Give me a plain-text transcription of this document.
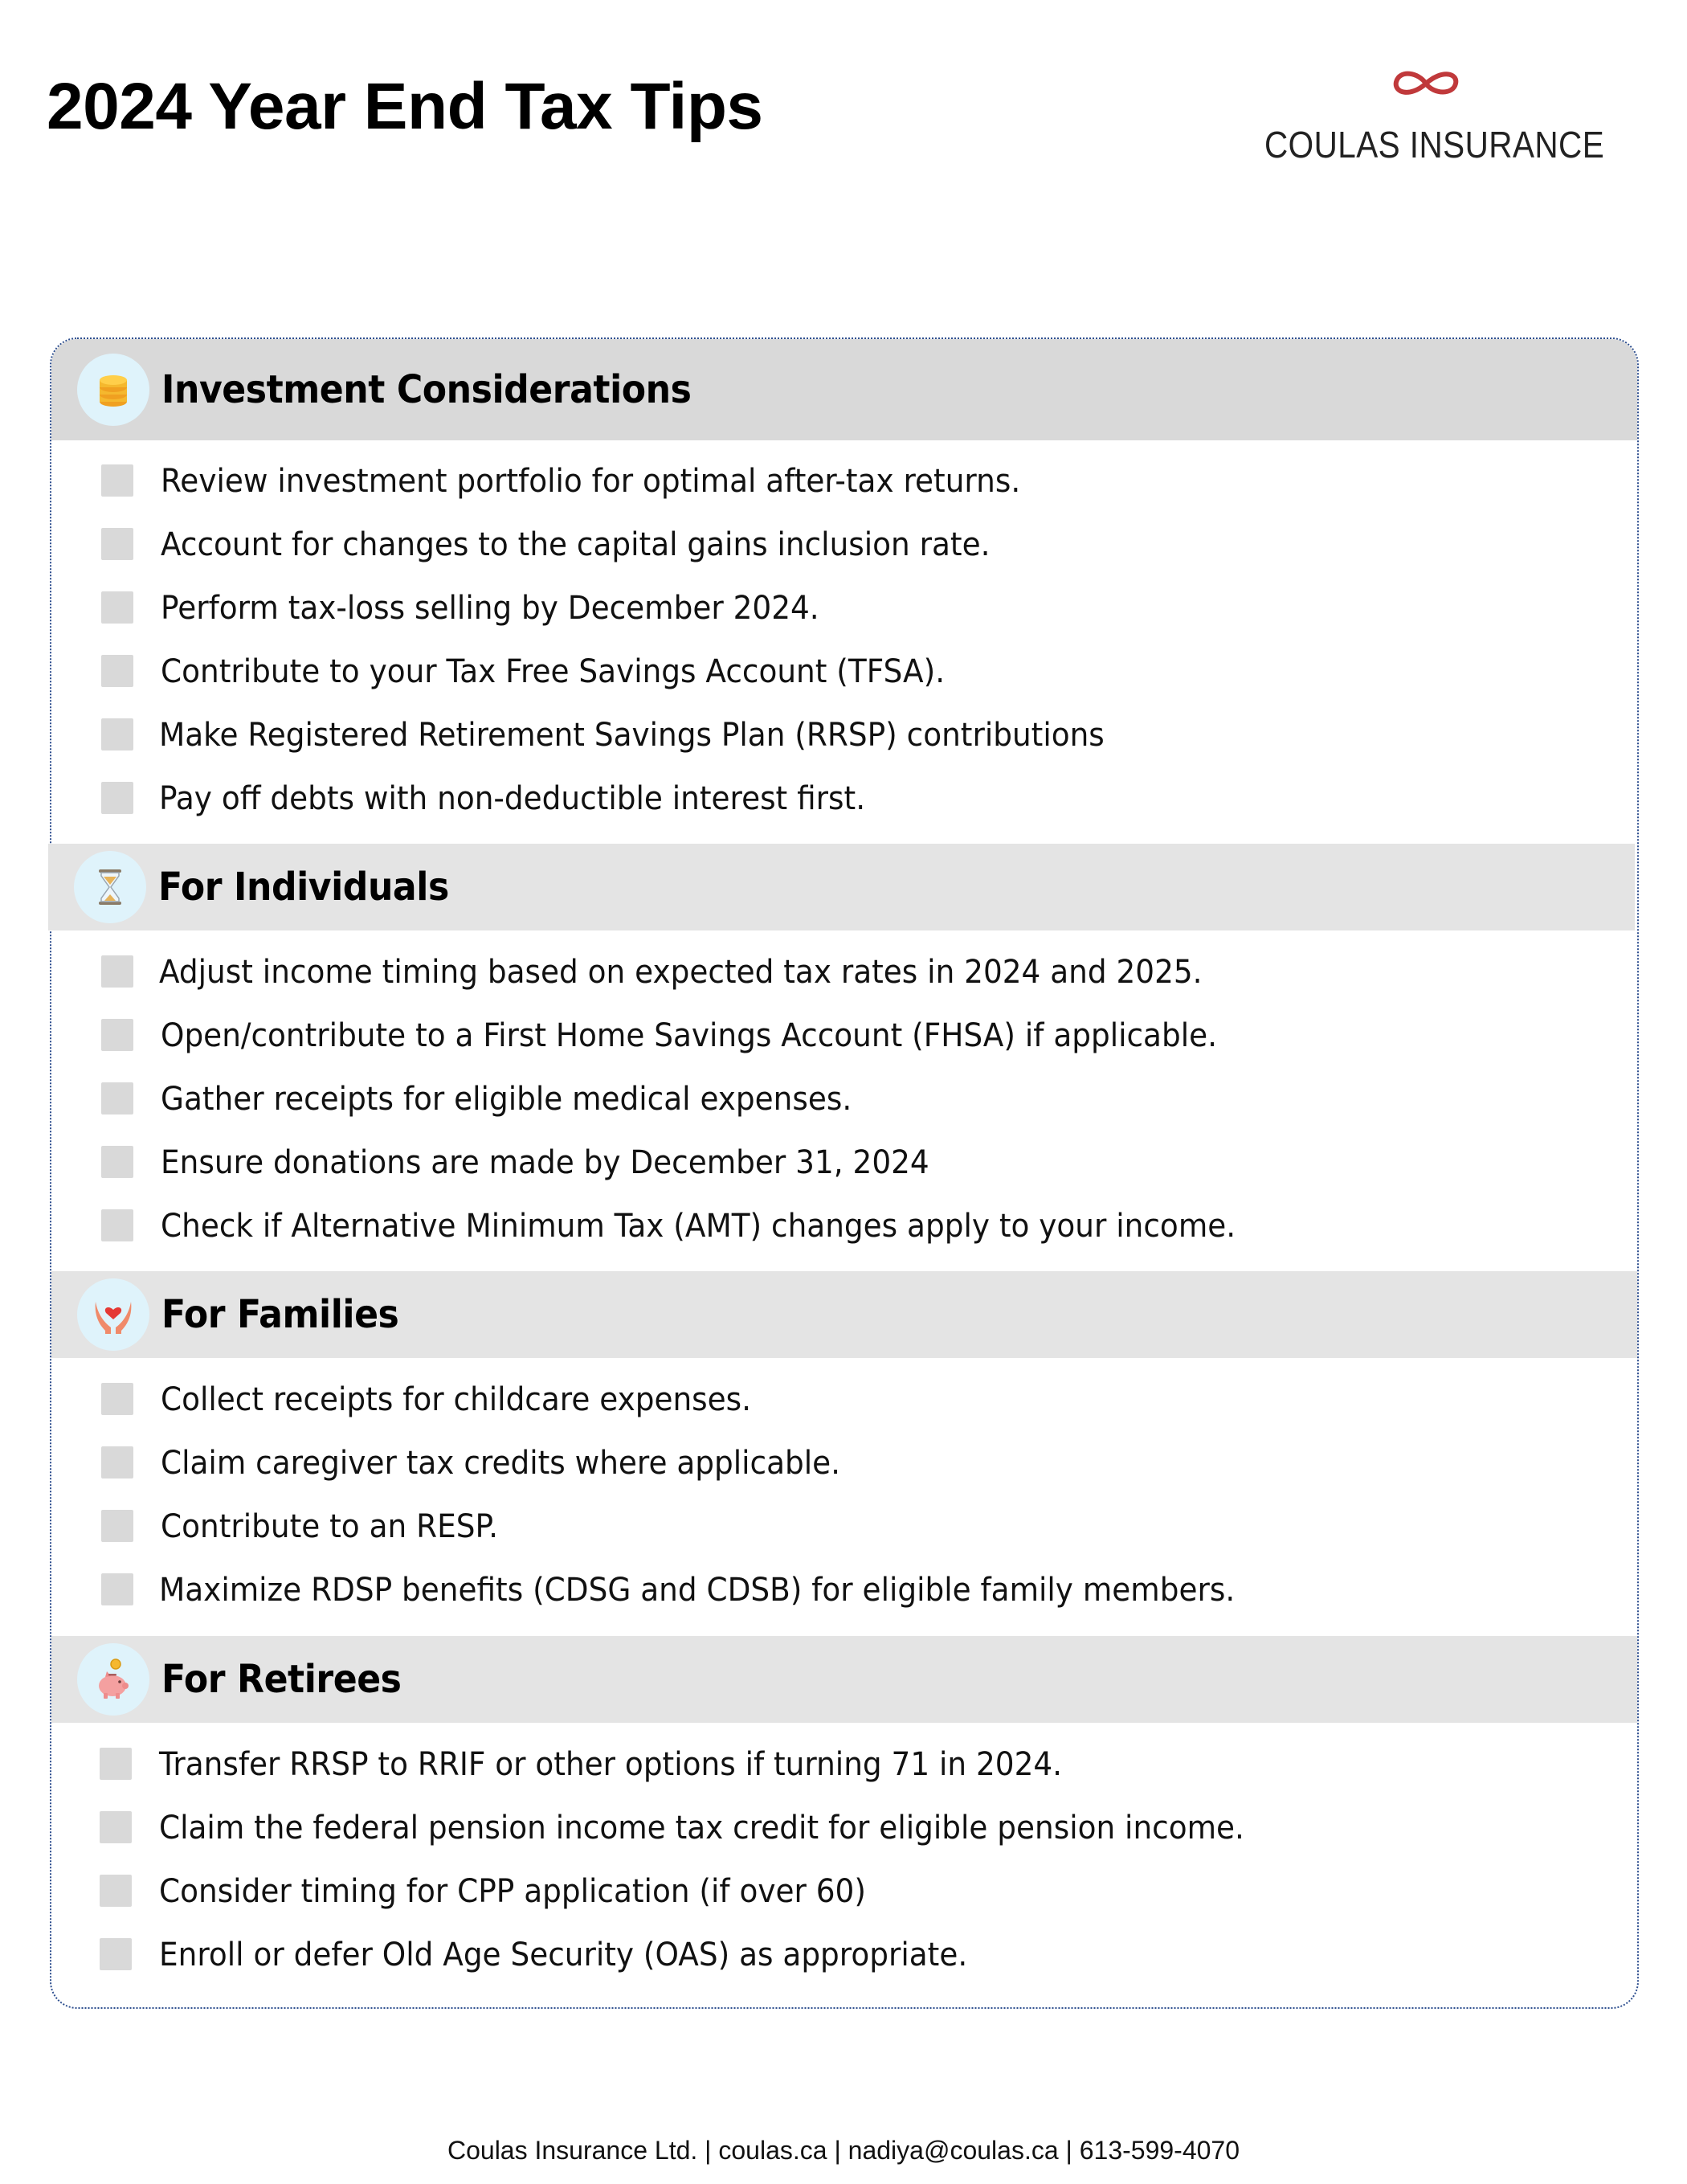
2024 Year End Tax Tips
COULAS INSURANCE
Investment Considerations
Review investment portfolio for optimal after-tax returns.
Account for changes to the capital gains inclusion rate.
Perform tax-loss selling by December 2024.
Contribute to your Tax Free Savings Account (TFSA).
Make Registered Retirement Savings Plan (RRSP) contributions
Pay off debts with non-deductible interest first.
For Individuals
Adjust income timing based on expected tax rates in 2024 and 2025.
Open/contribute to a First Home Savings Account (FHSA) if applicable.
Gather receipts for eligible medical expenses.
Ensure donations are made by December 31, 2024
Check if Alternative Minimum Tax (AMT) changes apply to your income.
For Families
Collect receipts for childcare expenses.
Claim caregiver tax credits where applicable.
Contribute to an RESP.
Maximize RDSP benefits (CDSG and CDSB) for eligible family members.
For Retirees
Transfer RRSP to RRIF or other options if turning 71 in 2024.
Claim the federal pension income tax credit for eligible pension income.
Consider timing for CPP application (if over 60)
Enroll or defer Old Age Security (OAS) as appropriate.
Coulas Insurance Ltd. | coulas.ca | nadiya@coulas.ca | 613-599-4070
